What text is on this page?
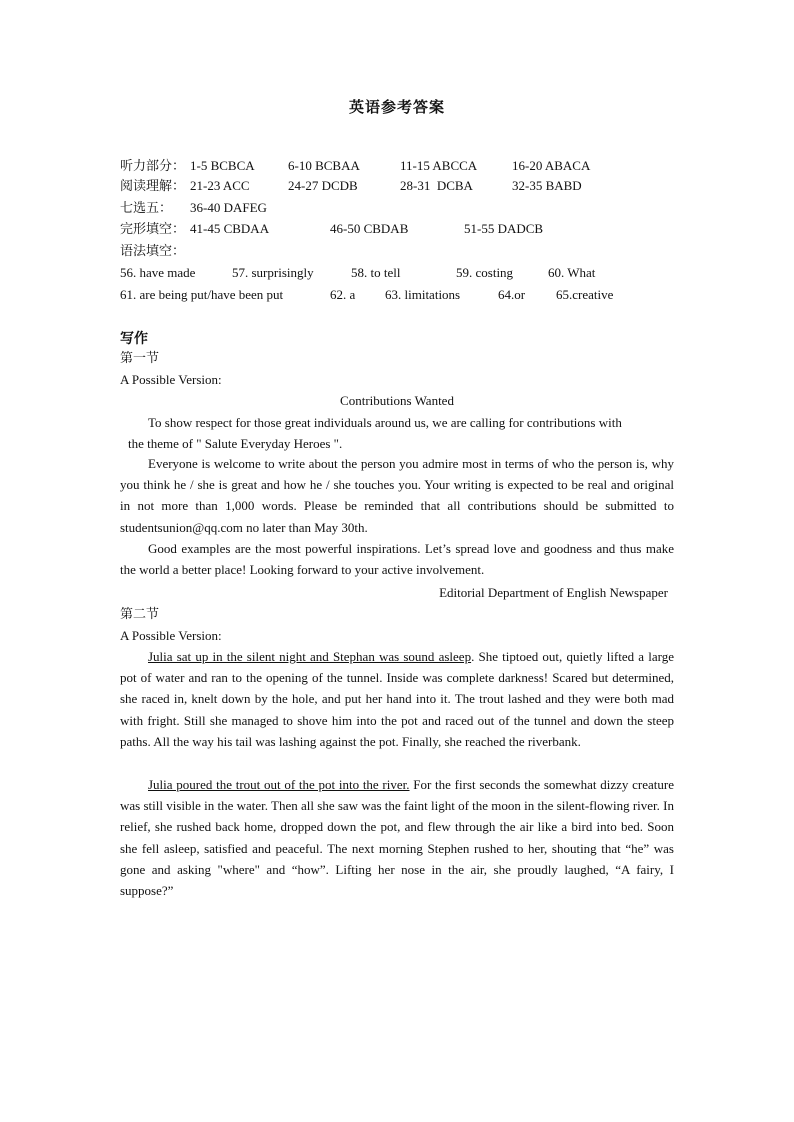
英语参考答案
听力部分： 1-5 BCBCA	6-10 BCBAA	11-15 ABCCA	16-20 ABACA
阅读理解： 21-23 ACC	24-27 DCDB	28-31  DCBA	32-35 BABD
七选五： 36-40 DAFEG
完形填空： 41-45 CBDAA	46-50 CBDAB	51-55 DADCB
语法填空：
56. have made	57. surprisingly	58. to tell	59. costing	60. What
61. are being put/have been put	62. a 63. limitations	64.or 65.creative
写作
第一节
A Possible Version:
Contributions Wanted
To show respect for those great individuals around us, we are calling for contributions with
the theme of " Salute Everyday Heroes ".

Everyone is welcome to write about the person you admire most in terms of who the person is, why you think he / she is great and how he / she touches you. Your writing is expected to be real and original in not more than 1,000 words. Please be reminded that all contributions should be submitted to studentsunion@qq.com no later than May 30th.

Good examples are the most powerful inspirations. Let’s spread love and goodness and thus make the world a better place! Looking forward to your active involvement.

Editorial Department of English Newspaper
第二节
A Possible Version:

Julia sat up in the silent night and Stephan was sound asleep. She tiptoed out, quietly lifted a large pot of water and ran to the opening of the tunnel. Inside was complete darkness! Scared but determined, she raced in, knelt down by the hole, and put her hand into it. The trout lashed and they were both mad with fright. Still she managed to shove him into the pot and raced out of the tunnel and down the steep paths. All the way his tail was lashing against the pot. Finally, she reached the riverbank.

Julia poured the trout out of the pot into the river. For the first seconds the somewhat dizzy creature was still visible in the water. Then all she saw was the faint light of the moon in the silent-flowing river. In relief, she rushed back home, dropped down the pot, and flew through the air like a bird into bed. Soon she fell asleep, satisfied and peaceful. The next morning Stephen rushed to her, shouting that “he” was gone and asking "where" and “how”. Lifting her nose in the air, she proudly laughed, “A fairy, I suppose?”
